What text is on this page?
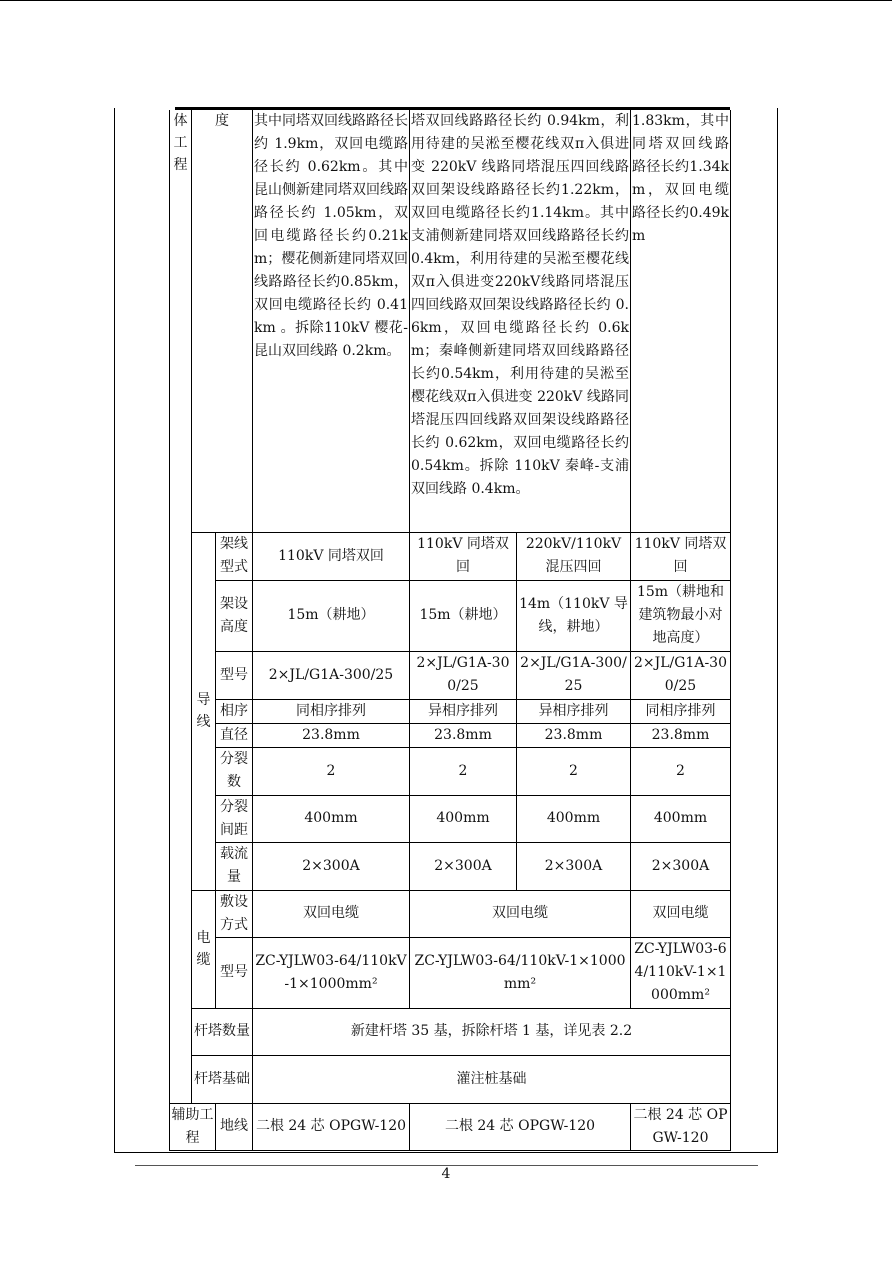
体工程	度		其中同塔双回线路路径长约 1.9km，双回电缆路径长约 0.62km。其中昆山侧新建同塔双回线路路径长约 1.05km，双回电缆路径长约0.21km；樱花侧新建同塔双回线路路径长约0.85km，双回电缆路径长约 0.41km 。拆除110kV 樱花-昆山双回线路 0.2km。	塔双回线路路径长约 0.94km，利用待建的吴淞至樱花线双π入俱进变 220kV 线路同塔混压四回线路双回架设线路路径长约1.22km，双回电缆路径长约1.14km。其中支浦侧新建同塔双回线路路径长约 0.4km，利用待建的吴淞至樱花线双π入俱进变220kV线路同塔混压四回线路双回架设线路路径长约 0.6km，双回电缆路径长约 0.6km；秦峰侧新建同塔双回线路路径长约0.54km，利用待建的吴淞至樱花线双π入俱进变 220kV 线路同塔混压四回线路双回架设线路路径长约 0.62km，双回电缆路径长约 0.54km。拆除 110kV 秦峰-支浦双回线路 0.4km。		1.83km，其中同塔双回线路路径长约1.34km，双回电缆路径长约0.49km
	导线	架线型式	110kV 同塔双回	110kV 同塔双回	220kV/110kV 混压四回	110kV 同塔双回
		架设高度	15m（耕地）	15m（耕地）	14m（110kV 导线，耕地）	15m（耕地和建筑物最小对地高度）
		型号	2×JL/G1A-300/25	2×JL/G1A-300/25	2×JL/G1A-300/25	2×JL/G1A-300/25
		相序	同相序排列	异相序排列	异相序排列	同相序排列
		直径	23.8mm	23.8mm	23.8mm	23.8mm
		分裂数	2	2	2	2
		分裂间距	400mm	400mm	400mm	400mm
		载流量	2×300A	2×300A	2×300A	2×300A
	电缆	敷设方式	双回电缆	双回电缆		双回电缆
		型号	ZC-YJLW03-64/110kV-1×1000mm²	ZC-YJLW03-64/110kV-1×1000mm²		ZC-YJLW03-64/110kV-1×1000mm²
	杆塔数量		新建杆塔 35 基，拆除杆塔 1 基，详见表 2.2			
	杆塔基础		灌注桩基础			
辅助工程		地线	二根 24 芯 OPGW-120	二根 24 芯 OPGW-120		二根 24 芯 OPGW-120
4
